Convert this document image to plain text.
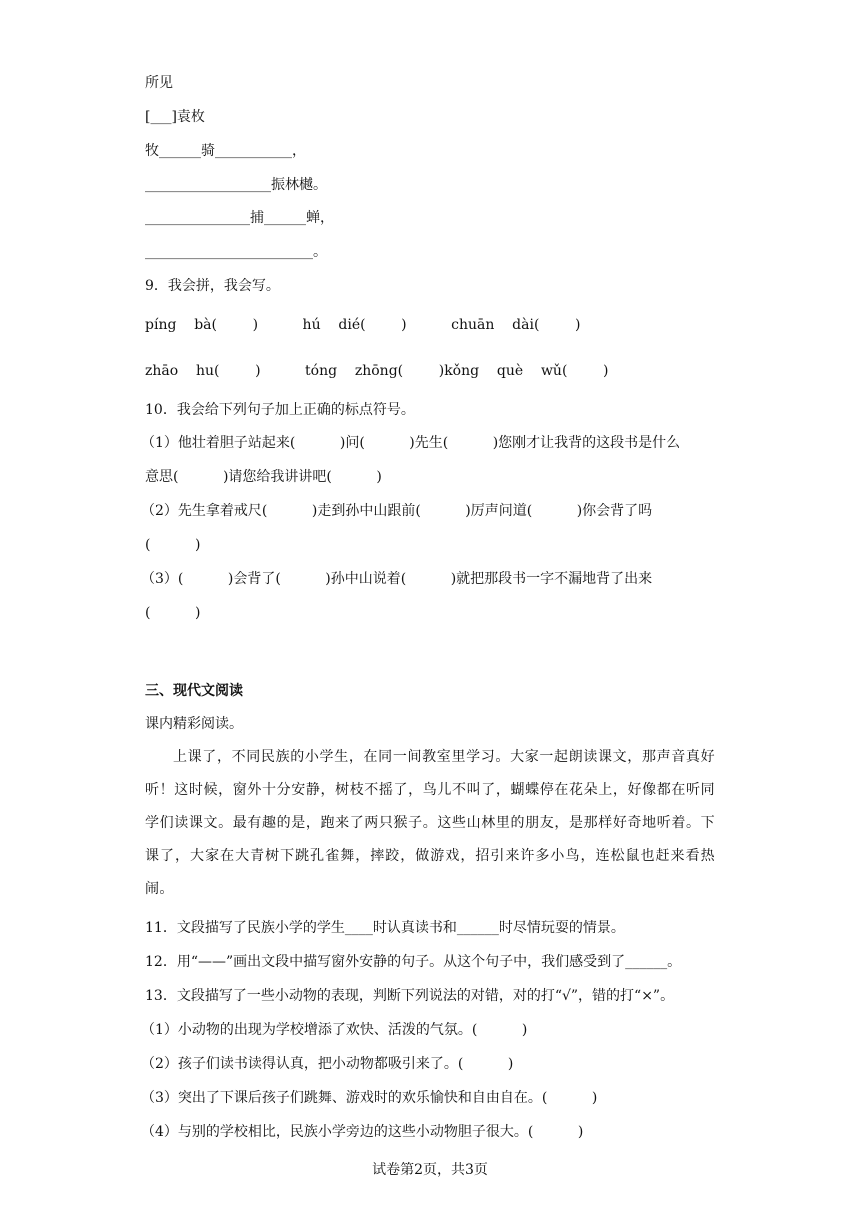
所见
[___]袁枚
牧______骑___________，
__________________振林樾。
_______________捕______蝉，
________________________。
9．我会拼，我会写。
píng    bà(        )          hú    dié(        )          chuān    dài(        )
zhāo    hu(        )          tóng    zhōng(        )kǒng    què    wǔ(        )
10．我会给下列句子加上正确的标点符号。
（1）他壮着胆子站起来(          )问(          )先生(          )您刚才让我背的这段书是什么
意思(          )请您给我讲讲吧(          )
（2）先生拿着戒尺(          )走到孙中山跟前(          )厉声问道(          )你会背了吗
(          )
（3）(          )会背了(          )孙中山说着(          )就把那段书一字不漏地背了出来
(          )
三、现代文阅读
课内精彩阅读。
上课了，不同民族的小学生，在同一间教室里学习。大家一起朗读课文，那声音真好听！这时候，窗外十分安静，树枝不摇了，鸟儿不叫了，蝴蝶停在花朵上，好像都在听同学们读课文。最有趣的是，跑来了两只猴子。这些山林里的朋友，是那样好奇地听着。下课了，大家在大青树下跳孔雀舞，摔跤，做游戏，招引来许多小鸟，连松鼠也赶来看热闹。
11．文段描写了民族小学的学生____时认真读书和______时尽情玩耍的情景。
12．用“——”画出文段中描写窗外安静的句子。从这个句子中，我们感受到了______。
13．文段描写了一些小动物的表现，判断下列说法的对错，对的打“√”，错的打“×”。
（1）小动物的出现为学校增添了欢快、活泼的气氛。(          )
（2）孩子们读书读得认真，把小动物都吸引来了。(          )
（3）突出了下课后孩子们跳舞、游戏时的欢乐愉快和自由自在。(          )
（4）与别的学校相比，民族小学旁边的这些小动物胆子很大。(          )
试卷第2页，共3页
